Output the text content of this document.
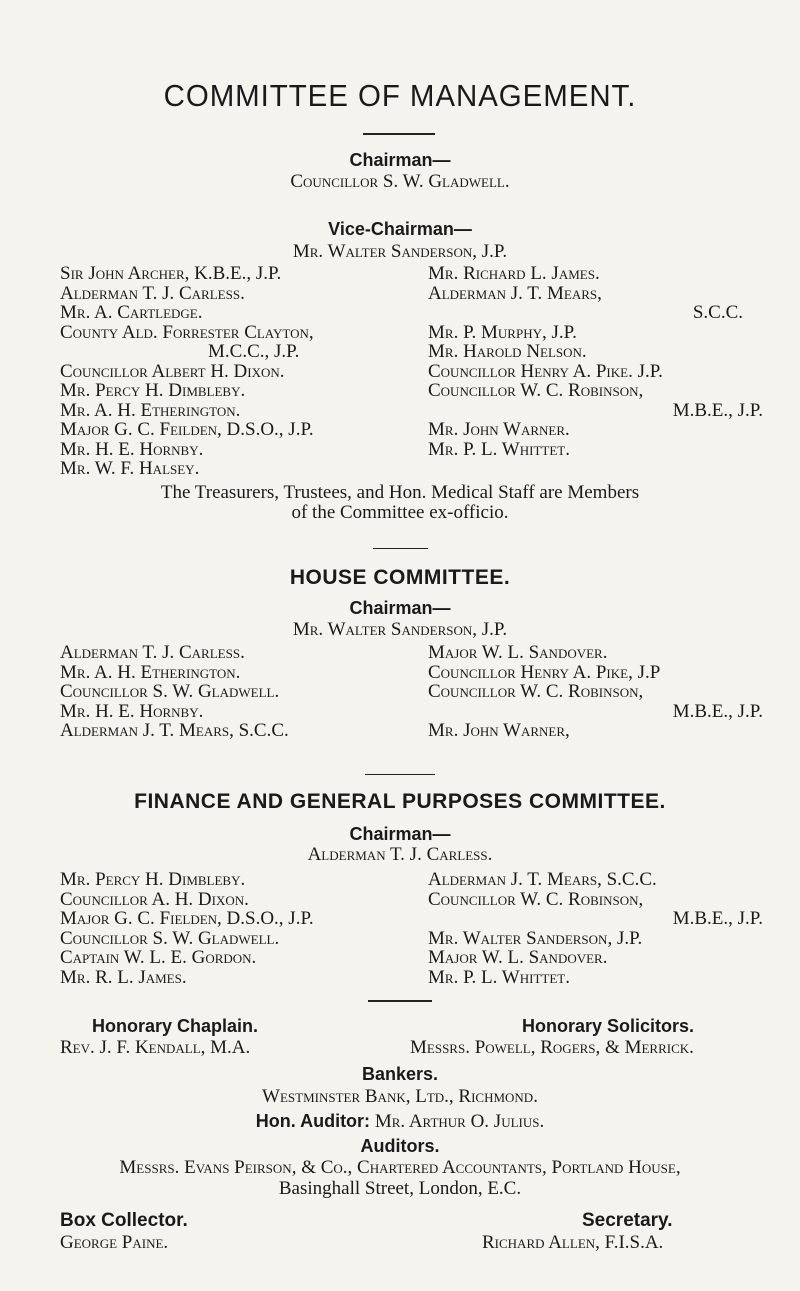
COMMITTEE OF MANAGEMENT.
Chairman—
Councillor S. W. Gladwell.
Vice-Chairman—
Mr. Walter Sanderson, J.P.
Sir John Archer, K.B.E., J.P.
Alderman T. J. Carless.
Mr. A. Cartledge.
County Ald. Forrester Clayton,
M.C.C., J.P.
Councillor Albert H. Dixon.
Mr. Percy H. Dimbleby.
Mr. A. H. Etherington.
Major G. C. Feilden, D.S.O., J.P.
Mr. H. E. Hornby.
Mr. W. F. Halsey.
Mr. Richard L. James.
Alderman J. T. Mears,
S.C.C.
Mr. P. Murphy, J.P.
Mr. Harold Nelson.
Councillor Henry A. Pike. J.P.
Councillor W. C. Robinson,
M.B.E., J.P.
Mr. John Warner.
Mr. P. L. Whittet.
The Treasurers, Trustees, and Hon. Medical Staff are Members
of the Committee ex-officio.
HOUSE COMMITTEE.
Chairman—
Mr. Walter Sanderson, J.P.
Alderman T. J. Carless.
Mr. A. H. Etherington.
Councillor S. W. Gladwell.
Mr. H. E. Hornby.
Alderman J. T. Mears, S.C.C.
Major W. L. Sandover.
Councillor Henry A. Pike, J.P
Councillor W. C. Robinson,
M.B.E., J.P.
Mr. John Warner,
FINANCE AND GENERAL PURPOSES COMMITTEE.
Chairman—
Alderman T. J. Carless.
Mr. Percy H. Dimbleby.
Councillor A. H. Dixon.
Major G. C. Fielden, D.S.O., J.P.
Councillor S. W. Gladwell.
Captain W. L. E. Gordon.
Mr. R. L. James.
Alderman J. T. Mears, S.C.C.
Councillor W. C. Robinson,
M.B.E., J.P.
Mr. Walter Sanderson, J.P.
Major W. L. Sandover.
Mr. P. L. Whittet.
Honorary Chaplain.
Rev. J. F. Kendall, M.A.
Honorary Solicitors.
Messrs. Powell, Rogers, & Merrick.
Bankers.
Westminster Bank, Ltd., Richmond.
Hon. Auditor: Mr. Arthur O. Julius.
Auditors.
Messrs. Evans Peirson, & Co., Chartered Accountants, Portland House,
Basinghall Street, London, E.C.
Box Collector.
George Paine.
Secretary.
Richard Allen, F.I.S.A.
